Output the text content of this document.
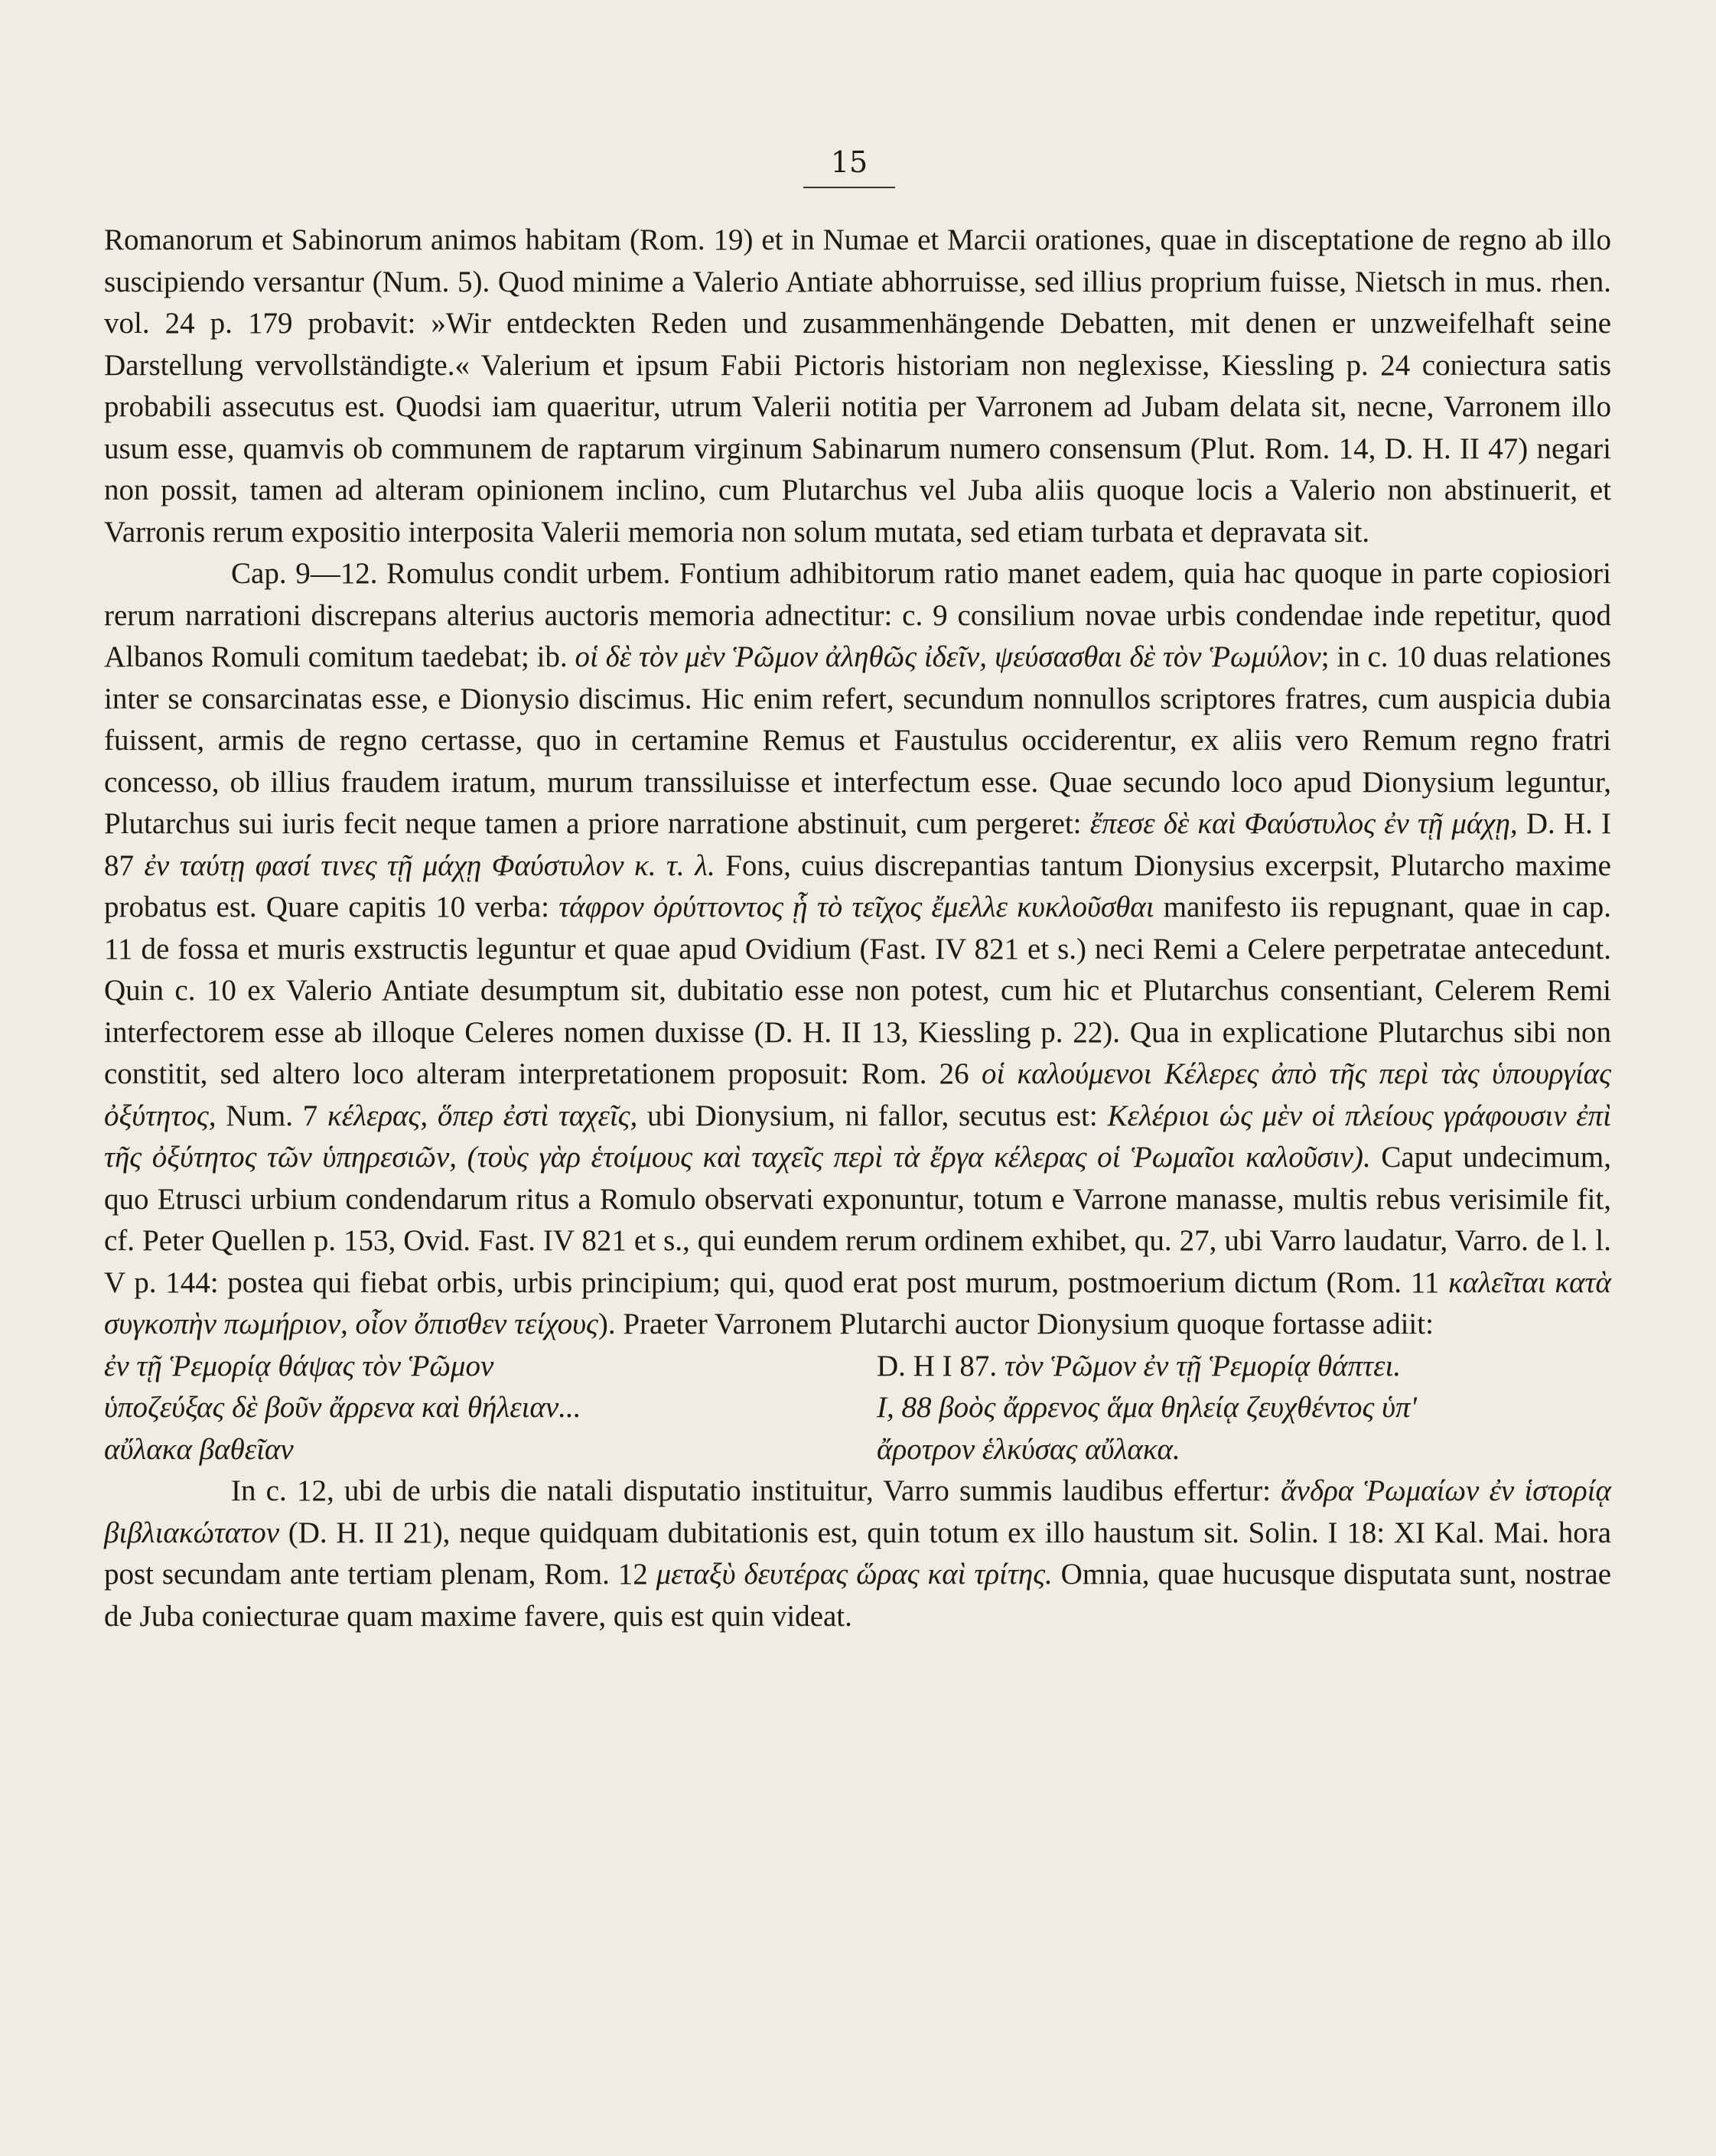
15

Romanorum et Sabinorum animos habitam (Rom. 19) et in Numae et Marcii orationes, quae in disceptatione de regno ab illo suscipiendo versantur (Num. 5). Quod minime a Valerio Antiate abhorruisse, sed illius proprium fuisse, Nietsch in mus. rhen. vol. 24 p. 179 probavit: »Wir entdeckten Reden und zusammenhängende Debatten, mit denen er unzweifelhaft seine Darstellung vervollständigte.« Valerium et ipsum Fabii Pictoris historiam non neglexisse, Kiessling p. 24 coniectura satis probabili assecutus est. Quodsi iam quaeritur, utrum Valerii notitia per Varronem ad Jubam delata sit, necne, Varronem illo usum esse, quamvis ob communem de raptarum virginum Sabinarum numero consensum (Plut. Rom. 14, D. H. II 47) negari non possit, tamen ad alteram opinionem inclino, cum Plutarchus vel Juba aliis quoque locis a Valerio non abstinuerit, et Varronis rerum expositio interposita Valerii memoria non solum mutata, sed etiam turbata et depravata sit.

Cap. 9—12. Romulus condit urbem. Fontium adhibitorum ratio manet eadem, quia hac quoque in parte copiosiori rerum narrationi discrepans alterius auctoris memoria adnectitur: c. 9 consilium novae urbis condendae inde repetitur, quod Albanos Romuli comitum taedebat; ib. οἱ δὲ τὸν μὲν Ῥῶμον ἀληθῶς ἰδεῖν, ψεύσασθαι δὲ τὸν Ῥωμύλον; in c. 10 duas relationes inter se consarcinatas esse, e Dionysio discimus. Hic enim refert, secundum nonnullos scriptores fratres, cum auspicia dubia fuissent, armis de regno certasse, quo in certamine Remus et Faustulus occiderentur, ex aliis vero Remum regno fratri concesso, ob illius fraudem iratum, murum transsiluisse et interfectum esse. Quae secundo loco apud Dionysium leguntur, Plutarchus sui iuris fecit neque tamen a priore narratione abstinuit, cum pergeret: ἔπεσε δὲ καὶ Φαύστυλος ἐν τῇ μάχῃ, D. H. I 87 ἐν ταύτῃ φασί τινες τῇ μάχῃ Φαύστυλον κ. τ. λ. Fons, cuius discrepantias tantum Dionysius excerpsit, Plutarcho maxime probatus est. Quare capitis 10 verba: τάφρον ὀρύττοντος ᾗ τὸ τεῖχος ἔμελλε κυκλοῦσθαι manifesto iis repugnant, quae in cap. 11 de fossa et muris exstructis leguntur et quae apud Ovidium (Fast. IV 821 et s.) neci Remi a Celere perpetratae antecedunt. Quin c. 10 ex Valerio Antiate desumptum sit, dubitatio esse non potest, cum hic et Plutarchus consentiant, Celerem Remi interfectorem esse ab illoque Celeres nomen duxisse (D. H. II 13, Kiessling p. 22). Qua in explicatione Plutarchus sibi non constitit, sed altero loco alteram interpretationem proposuit: Rom. 26 οἱ καλούμενοι Κέλερες ἀπὸ τῆς περὶ τὰς ὑπουργίας ὀξύτητος, Num. 7 κέλερας, ὅπερ ἐστὶ ταχεῖς, ubi Dionysium, ni fallor, secutus est: Κελέριοι ὡς μὲν οἱ πλείους γράφουσιν ἐπὶ τῆς ὀξύτητος τῶν ὑπηρεσιῶν, (τοὺς γὰρ ἑτοίμους καὶ ταχεῖς περὶ τὰ ἔργα κέλερας οἱ Ῥωμαῖοι καλοῦσιν). Caput undecimum, quo Etrusci urbium condendarum ritus a Romulo observati exponuntur, totum e Varrone manasse, multis rebus verisimile fit, cf. Peter Quellen p. 153, Ovid. Fast. IV 821 et s., qui eundem rerum ordinem exhibet, qu. 27, ubi Varro laudatur, Varro. de l. l. V p. 144: postea qui fiebat orbis, urbis principium; qui, quod erat post murum, postmoerium dictum (Rom. 11 καλεῖται κατὰ συγκοπὴν πωμήριον, οἷον ὄπισθεν τείχους). Praeter Varronem Plutarchi auctor Dionysium quoque fortasse adiit:

ἐν τῇ Ῥεμορίᾳ θάψας τὸν Ῥῶμον
ὑποζεύξας δὲ βοῦν ἄρρενα καὶ θήλειαν...
αὔλακα βαθεῖαν
D. H I 87. τὸν Ῥῶμον ἐν τῇ Ῥεμορίᾳ θάπτει.
I, 88 βοὸς ἄρρενος ἅμα θηλείᾳ ζευχθέντος ὑπ'
ἄροτρον ἑλκύσας αὔλακα.

In c. 12, ubi de urbis die natali disputatio instituitur, Varro summis laudibus effertur: ἄνδρα Ῥωμαίων ἐν ἱστορίᾳ βιβλιακώτατον (D. H. II 21), neque quidquam dubitationis est, quin totum ex illo haustum sit. Solin. I 18: XI Kal. Mai. hora post secundam ante tertiam plenam, Rom. 12 μεταξὺ δευτέρας ὥρας καὶ τρίτης. Omnia, quae hucusque disputata sunt, nostrae de Juba coniecturae quam maxime favere, quis est quin videat.
